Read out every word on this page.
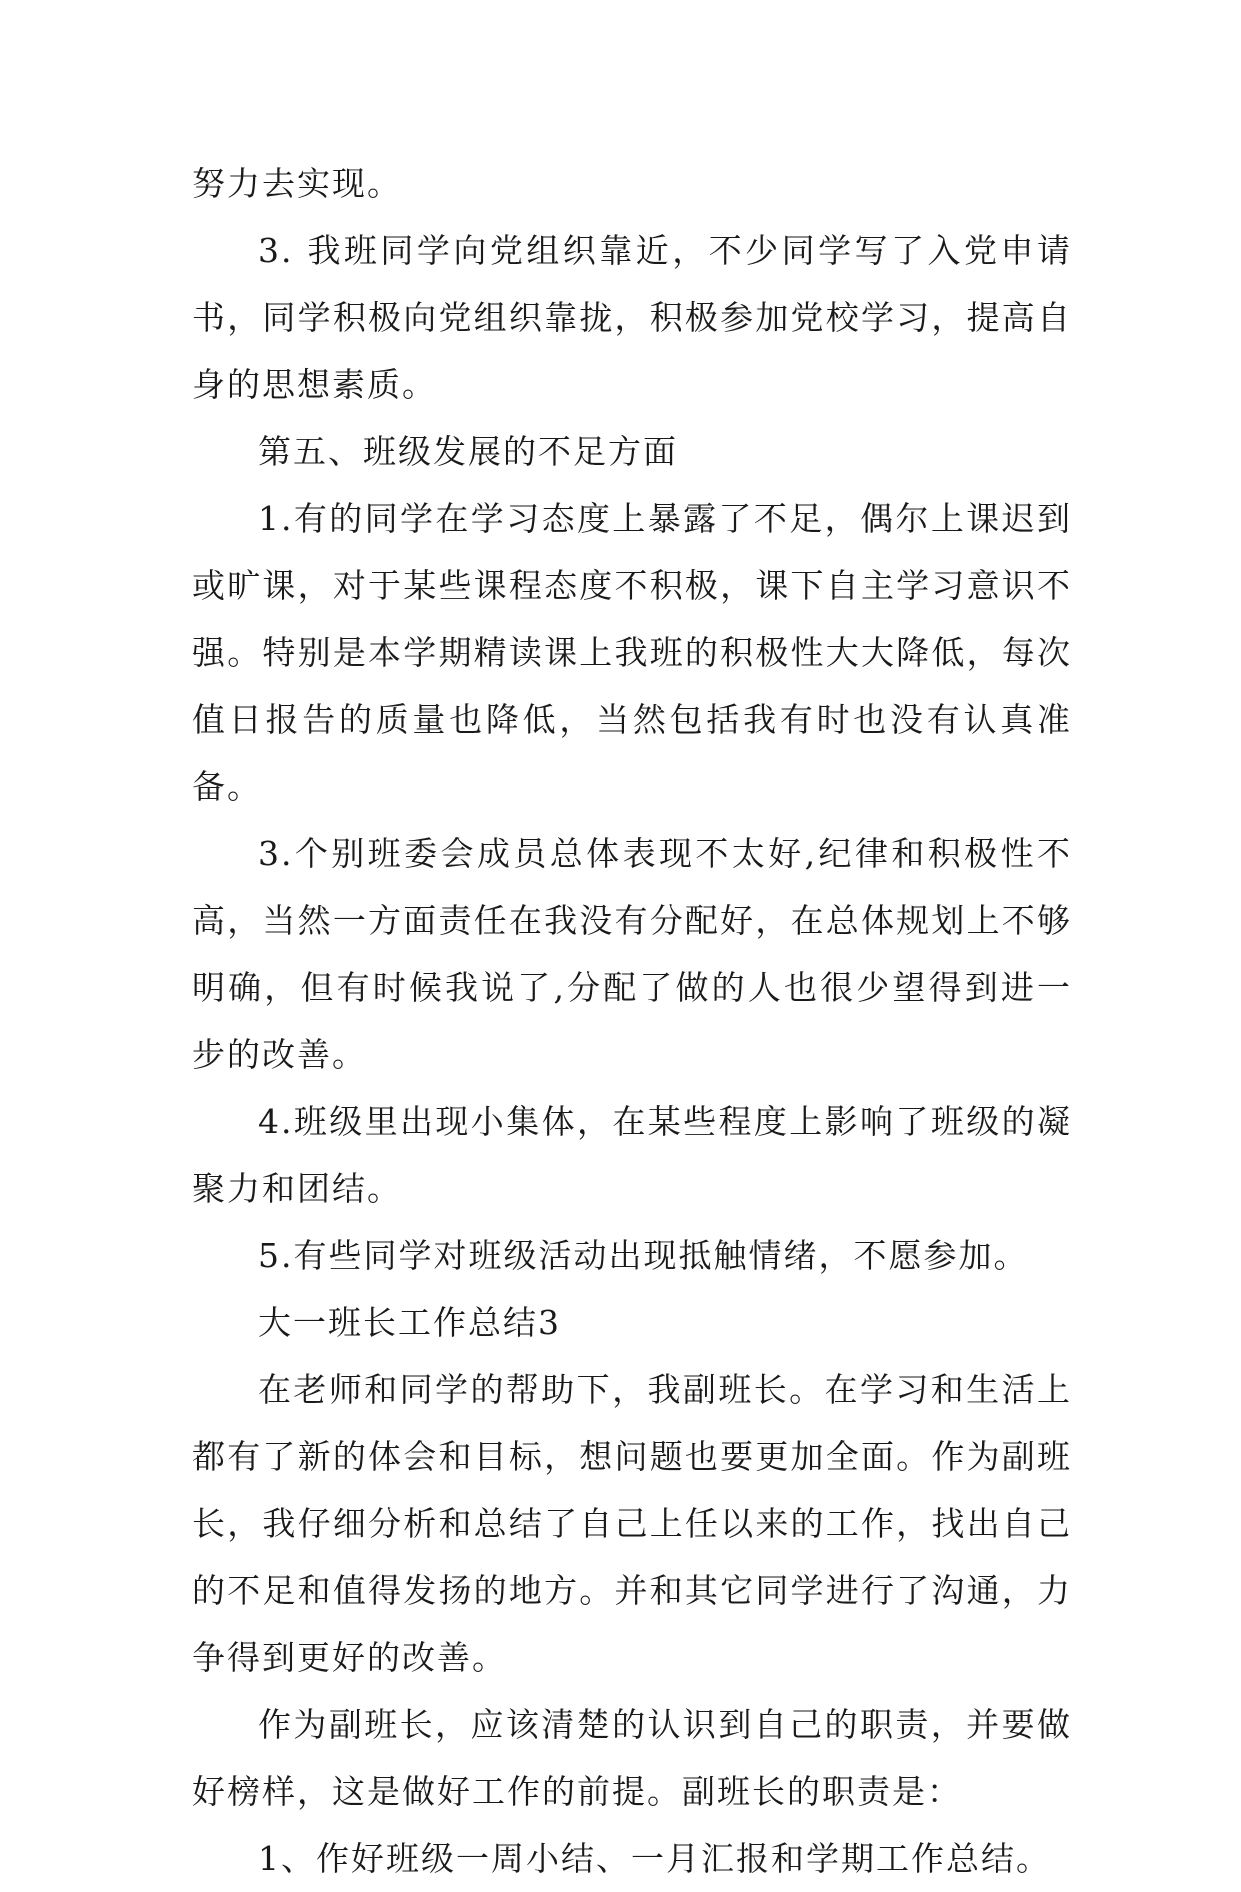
努力去实现。

3. 我班同学向党组织靠近，不少同学写了入党申请书，同学积极向党组织靠拢，积极参加党校学习，提高自身的思想素质。

第五、班级发展的不足方面

1.有的同学在学习态度上暴露了不足，偶尔上课迟到或旷课，对于某些课程态度不积极，课下自主学习意识不强。特别是本学期精读课上我班的积极性大大降低，每次值日报告的质量也降低，当然包括我有时也没有认真准备。

3.个别班委会成员总体表现不太好,纪律和积极性不高，当然一方面责任在我没有分配好，在总体规划上不够明确，但有时候我说了,分配了做的人也很少望得到进一步的改善。

4.班级里出现小集体，在某些程度上影响了班级的凝聚力和团结。

5.有些同学对班级活动出现抵触情绪，不愿参加。

大一班长工作总结3

在老师和同学的帮助下，我副班长。在学习和生活上都有了新的体会和目标，想问题也要更加全面。作为副班长，我仔细分析和总结了自己上任以来的工作，找出自己的不足和值得发扬的地方。并和其它同学进行了沟通，力争得到更好的改善。

作为副班长，应该清楚的认识到自己的职责，并要做好榜样，这是做好工作的前提。副班长的职责是：

1、作好班级一周小结、一月汇报和学期工作总结。
